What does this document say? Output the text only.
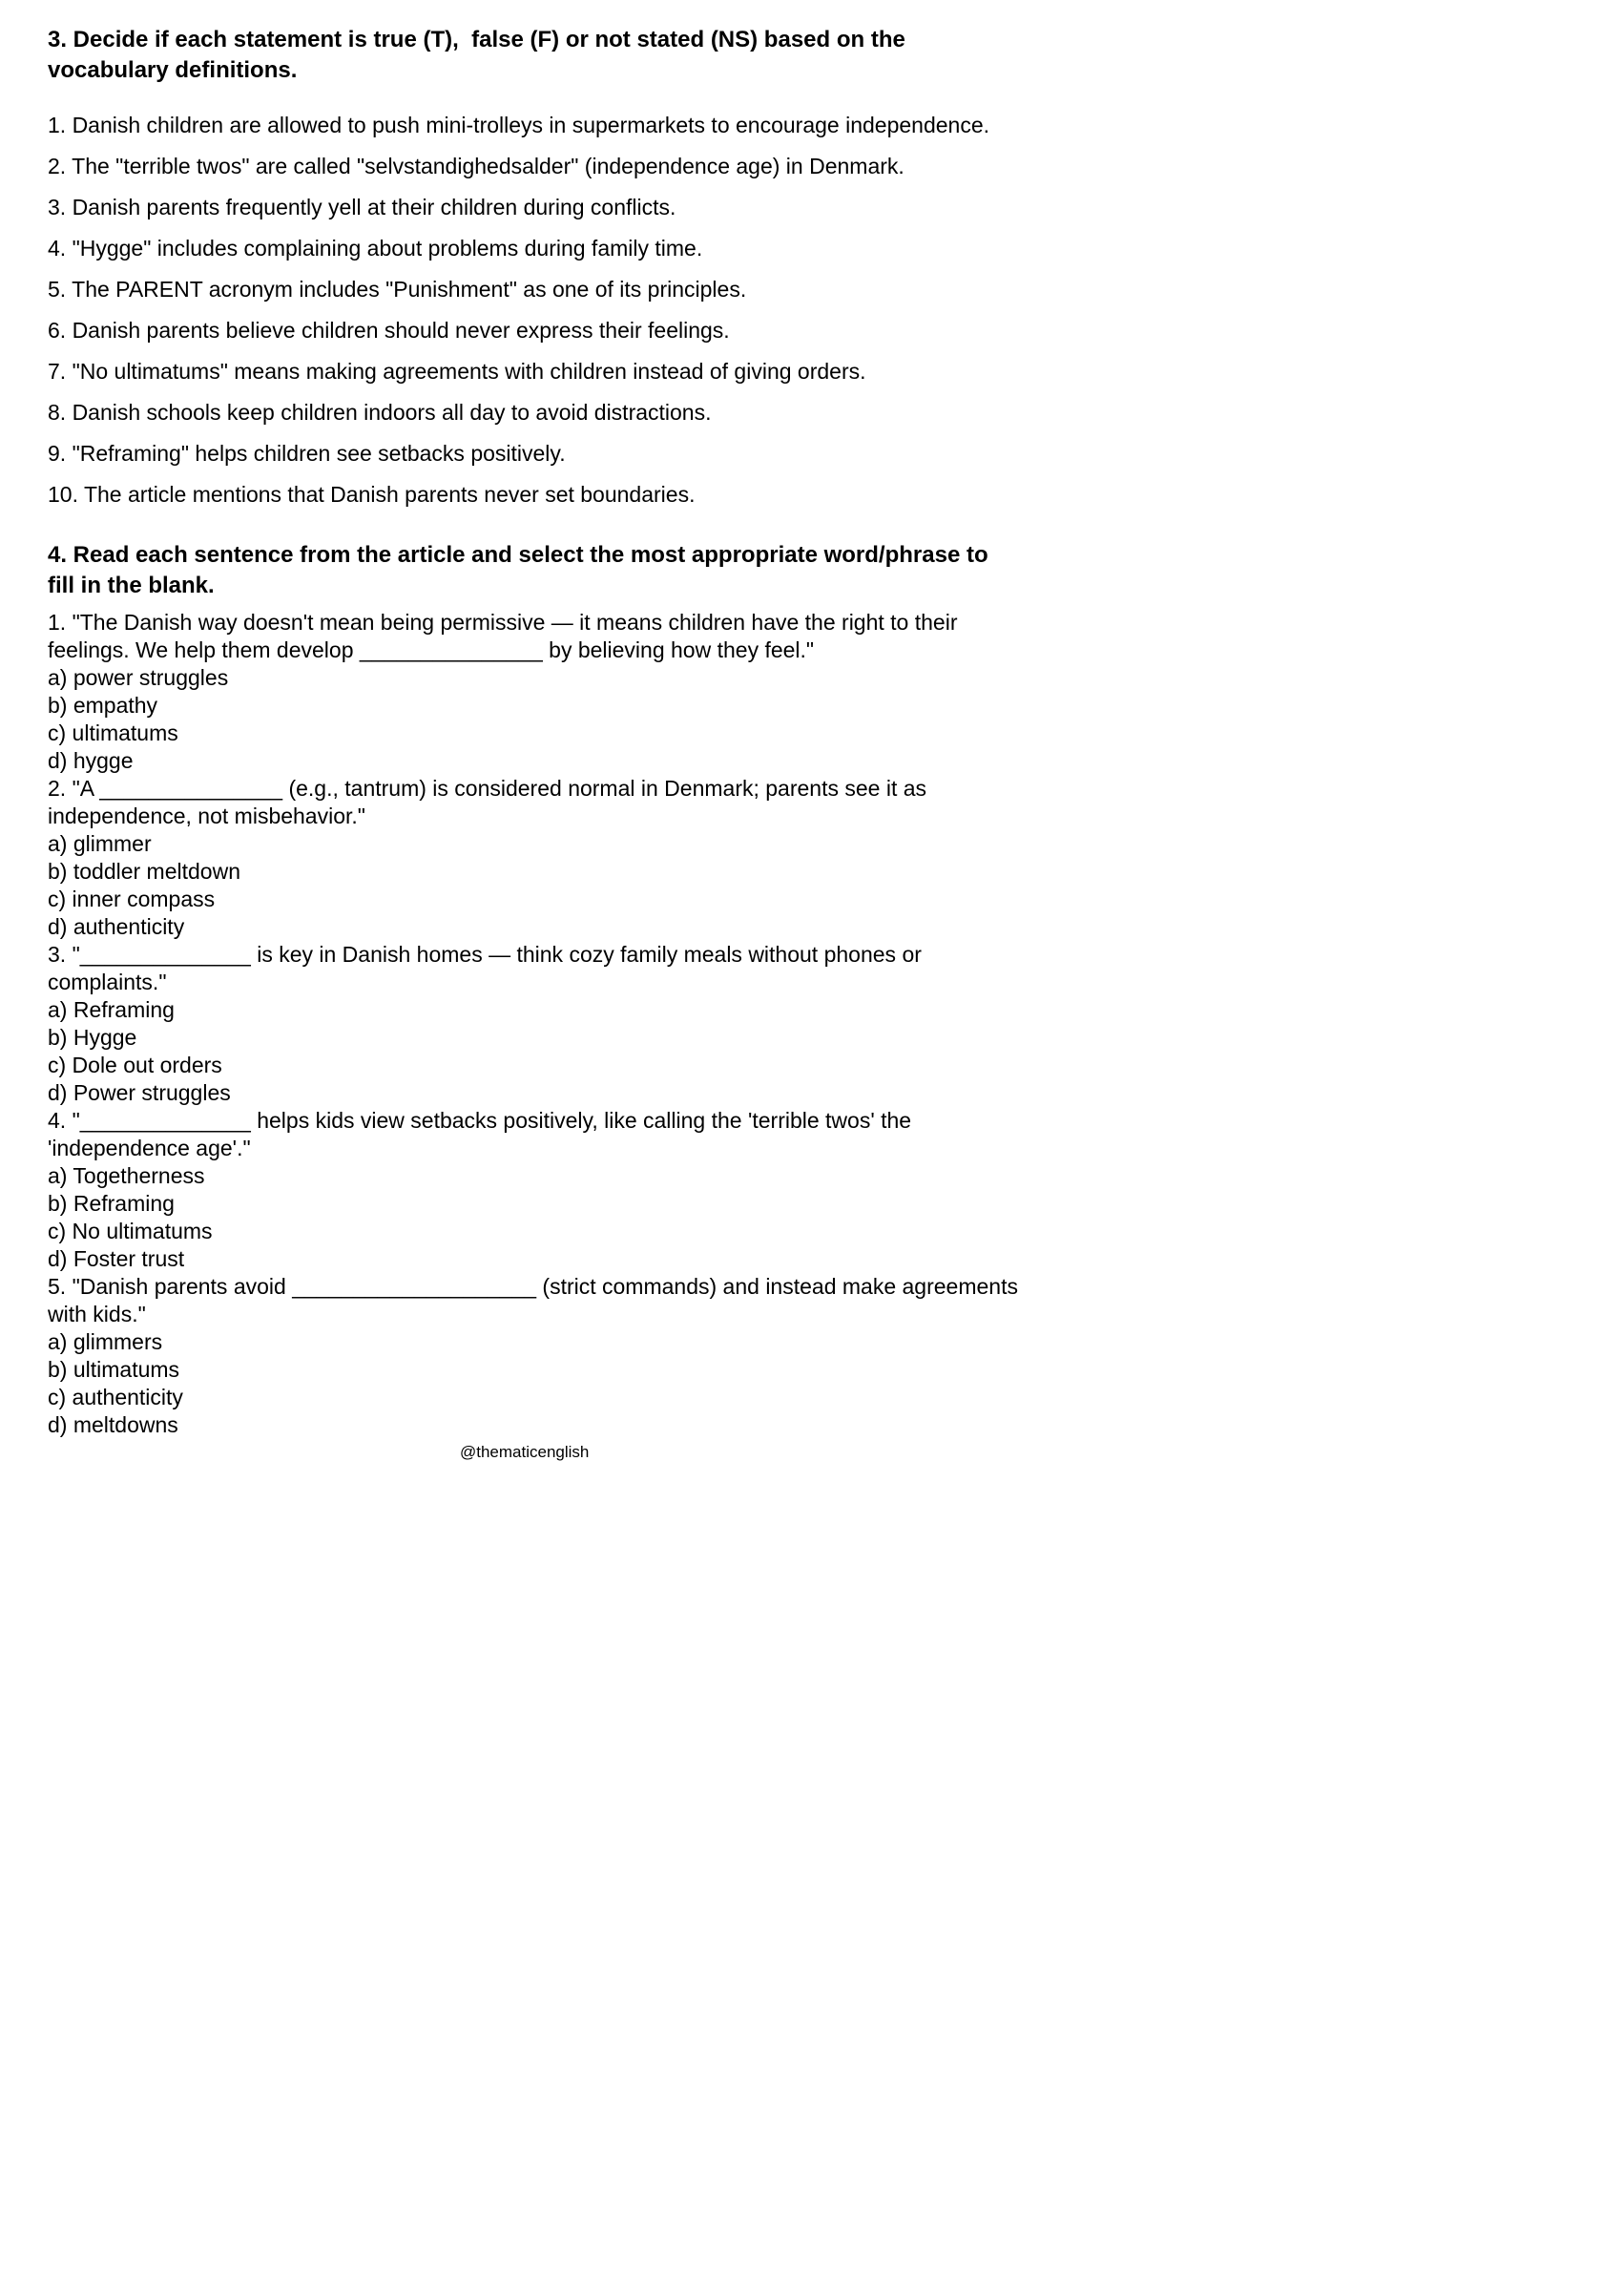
3. Decide if each statement is true (T),  false (F) or not stated (NS) based on the vocabulary definitions.

1. Danish children are allowed to push mini-trolleys in supermarkets to encourage independence.

2. The "terrible twos" are called "selvstandighedsalder" (independence age) in Denmark.

3. Danish parents frequently yell at their children during conflicts.

4. "Hygge" includes complaining about problems during family time.

5. The PARENT acronym includes "Punishment" as one of its principles.

6. Danish parents believe children should never express their feelings.

7. "No ultimatums" means making agreements with children instead of giving orders.

8. Danish schools keep children indoors all day to avoid distractions.

9. "Reframing" helps children see setbacks positively.

10. The article mentions that Danish parents never set boundaries.

4. Read each sentence from the article and select the most appropriate word/phrase to fill in the blank.

1. "The Danish way doesn't mean being permissive — it means children have the right to their feelings. We help them develop _______________ by believing how they feel."

a) power struggles

b) empathy

c) ultimatums

d) hygge

2. "A _______________ (e.g., tantrum) is considered normal in Denmark; parents see it as independence, not misbehavior."

a) glimmer

b) toddler meltdown

c) inner compass

d) authenticity

3. "______________ is key in Danish homes — think cozy family meals without phones or complaints."

a) Reframing

b) Hygge

c) Dole out orders

d) Power struggles

4. "______________ helps kids view setbacks positively, like calling the 'terrible twos' the 'independence age'."

a) Togetherness

b) Reframing

c) No ultimatums

d) Foster trust

5. "Danish parents avoid ____________________ (strict commands) and instead make agreements with kids."

a) glimmers

b) ultimatums

c) authenticity

d) meltdowns

@thematicenglish
